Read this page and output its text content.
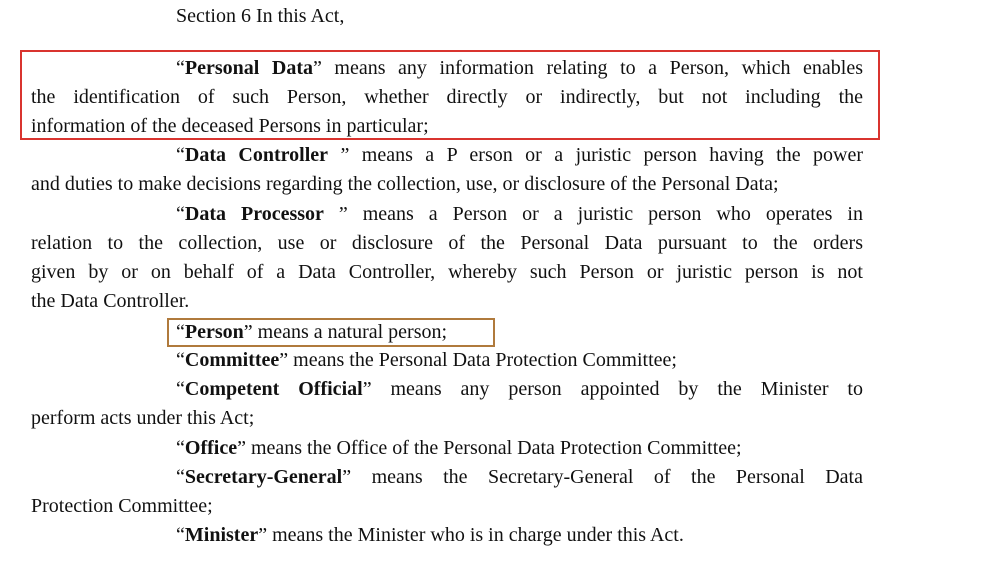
Section 6 In this Act,
“Personal Data” means any information relating to a Person, which enables
the identification of such Person, whether directly or indirectly, but not including the
information of the deceased Persons in particular;
“Data Controller ” means a P erson or a juristic person having the power
and duties to make decisions regarding the collection, use, or disclosure of the Personal Data;
“Data Processor ” means a Person or a juristic person who operates in
relation to the collection, use or disclosure of the Personal Data pursuant to the orders
given by or on behalf of a Data Controller, whereby such Person or juristic person is not
the Data Controller.
“Person” means a natural person;
“Committee” means the Personal Data Protection Committee;
“Competent Official” means any person appointed by the Minister to
perform acts under this Act;
“Office” means the Office of the Personal Data Protection Committee;
“Secretary-General” means the Secretary-General of the Personal Data
Protection Committee;
“Minister” means the Minister who is in charge under this Act.
